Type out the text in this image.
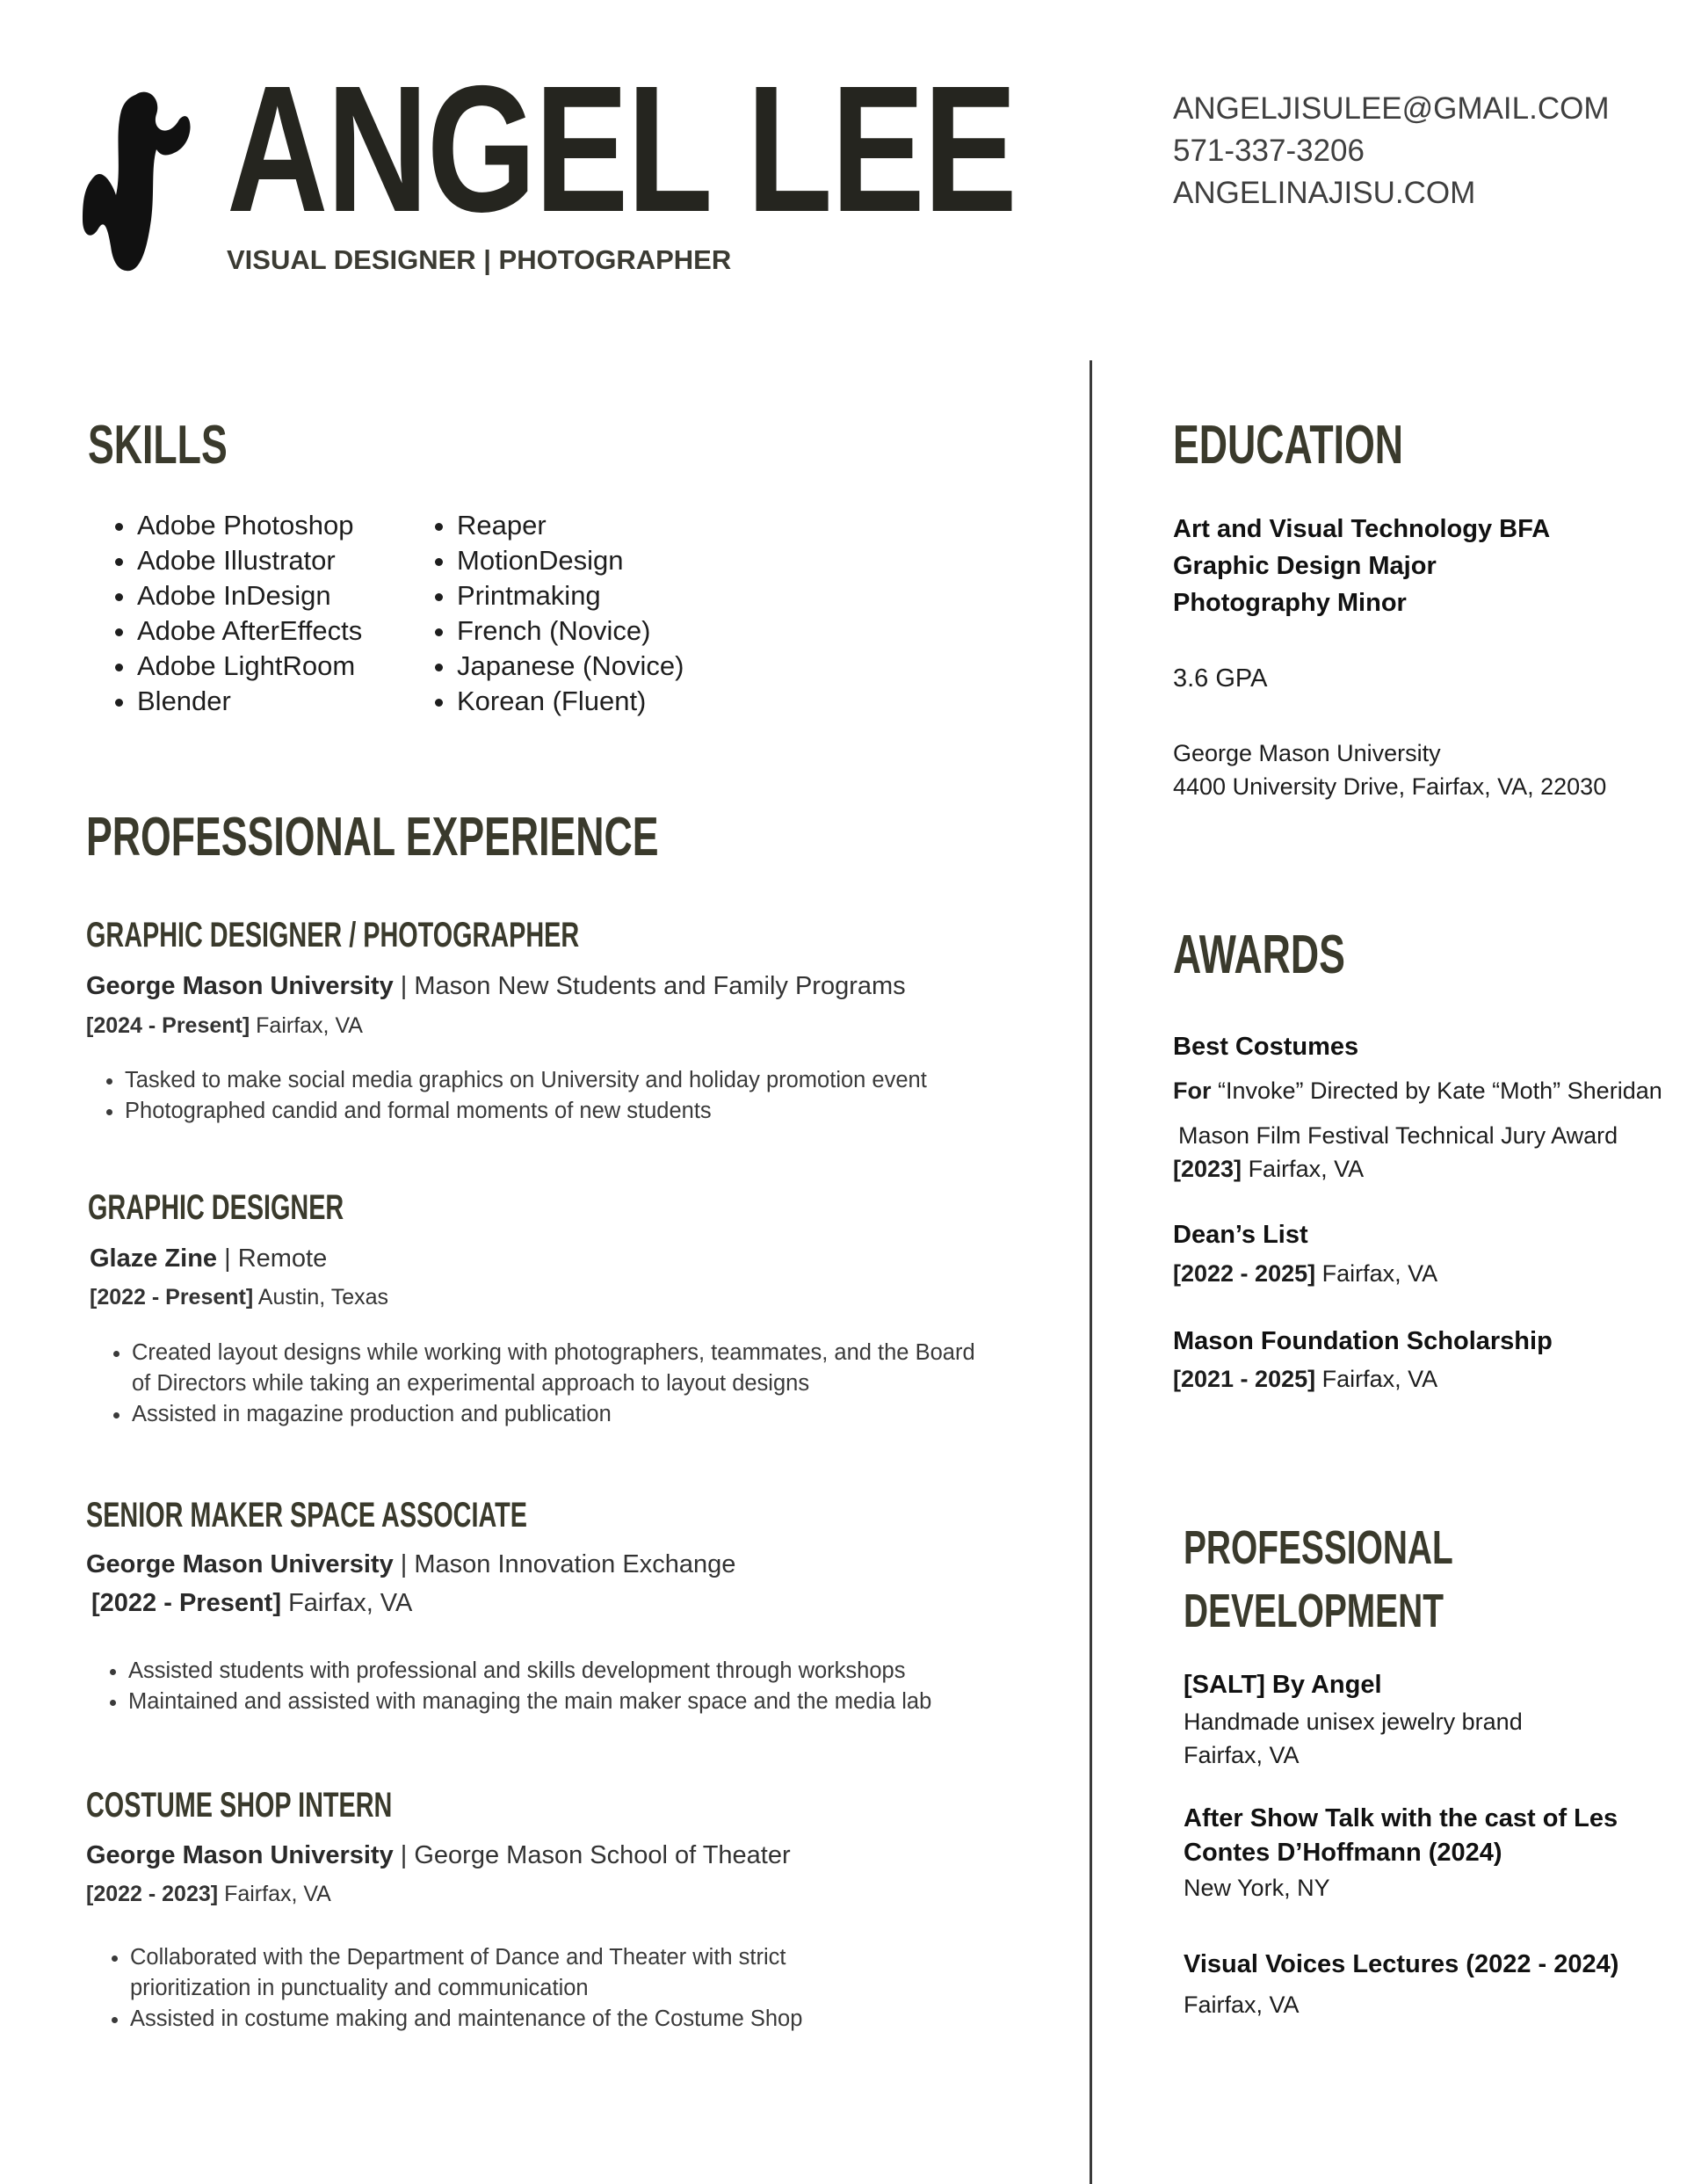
ANGEL LEE
VISUAL DESIGNER | PHOTOGRAPHER
ANGELJISULEE@GMAIL.COM
571-337-3206
ANGELINAJISU.COM
SKILLS
• Adobe Photoshop
• Adobe Illustrator
• Adobe InDesign
• Adobe AfterEffects
• Adobe LightRoom
• Blender
• Reaper
• MotionDesign
• Printmaking
• French (Novice)
• Japanese (Novice)
• Korean (Fluent)
PROFESSIONAL EXPERIENCE
GRAPHIC DESIGNER / PHOTOGRAPHER
George Mason University | Mason New Students and Family Programs
[2024 - Present] Fairfax, VA
• Tasked to make social media graphics on University and holiday promotion event
• Photographed candid and formal moments of new students
GRAPHIC DESIGNER
Glaze Zine | Remote
[2022 - Present] Austin, Texas
• Created layout designs while working with photographers, teammates, and the Board of Directors while taking an experimental approach to layout designs
• Assisted in magazine production and publication
SENIOR MAKER SPACE ASSOCIATE
George Mason University | Mason Innovation Exchange
[2022 - Present] Fairfax, VA
• Assisted students with professional and skills development through workshops
• Maintained and assisted with managing the main maker space and the media lab
COSTUME SHOP INTERN
George Mason University | George Mason School of Theater
[2022 - 2023] Fairfax, VA
• Collaborated with the Department of Dance and Theater with strict prioritization in punctuality and communication
• Assisted in costume making and maintenance of the Costume Shop
EDUCATION
Art and Visual Technology BFA
Graphic Design Major
Photography Minor
3.6 GPA
George Mason University
4400 University Drive, Fairfax, VA, 22030
AWARDS
Best Costumes
For “Invoke” Directed by Kate “Moth” Sheridan
Mason Film Festival Technical Jury Award
[2023] Fairfax, VA
Dean’s List
[2022 - 2025] Fairfax, VA
Mason Foundation Scholarship
[2021 - 2025] Fairfax, VA
PROFESSIONAL
DEVELOPMENT
[SALT] By Angel
Handmade unisex jewelry brand
Fairfax, VA
After Show Talk with the cast of Les
Contes D’Hoffmann (2024)
New York, NY
Visual Voices Lectures (2022 - 2024)
Fairfax, VA
